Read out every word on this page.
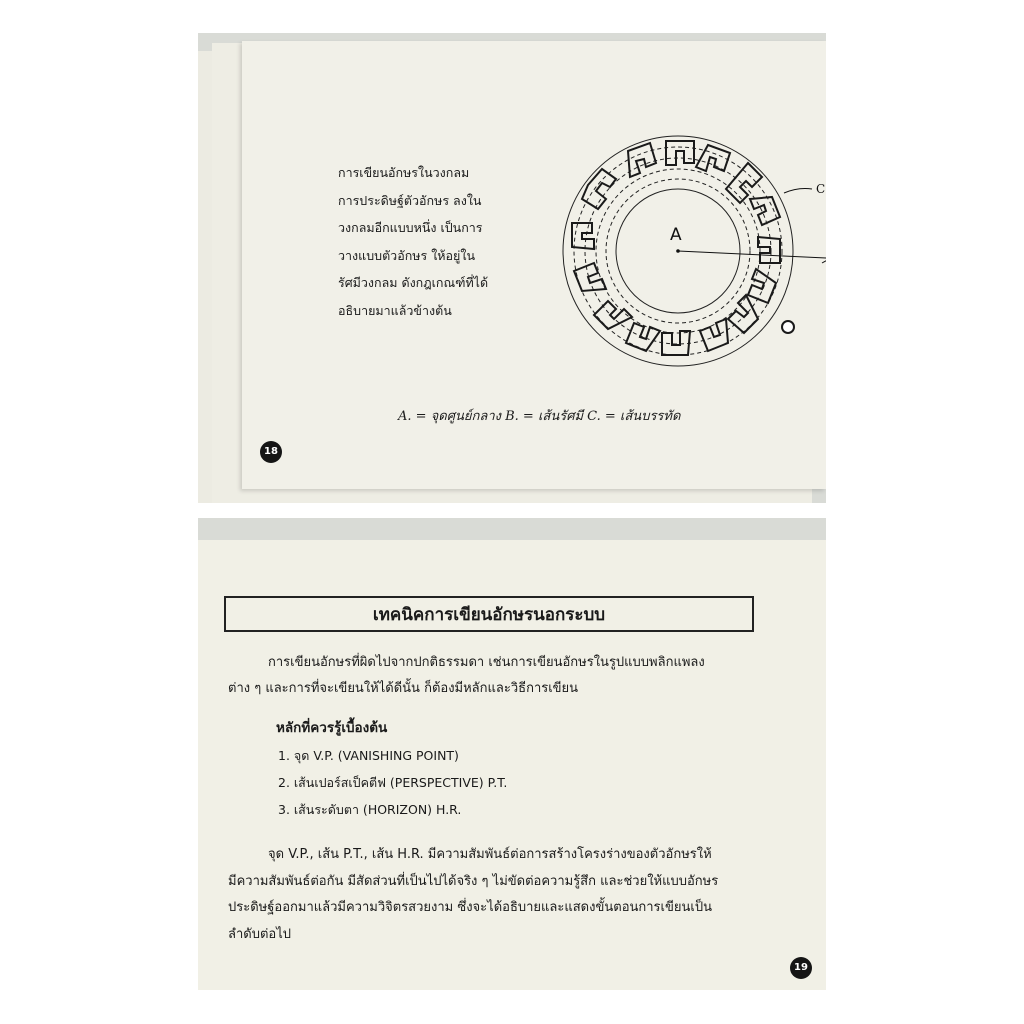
การเขียนอักษรในวงกลม
การประดิษฐ์ตัวอักษร ลงใน
วงกลมอีกแบบหนึ่ง เป็นการ
วางแบบตัวอักษร ให้อยู่ใน
รัศมีวงกลม ดังกฎเกณฑ์ที่ได้
อธิบายมาแล้วข้างต้น
A
B
C
A. = จุดศูนย์กลาง B. = เส้นรัศมี C. = เส้นบรรทัด
18
เทคนิคการเขียนอักษรนอกระบบ
การเขียนอักษรที่ผิดไปจากปกติธรรมดา เช่นการเขียนอักษรในรูปแบบพลิกแพลง
ต่าง ๆ และการที่จะเขียนให้ได้ดีนั้น ก็ต้องมีหลักและวิธีการเขียน
หลักที่ควรรู้เบื้องต้น
1. จุด V.P. (VANISHING POINT)
2. เส้นเปอร์สเป็คตีฟ (PERSPECTIVE) P.T.
3. เส้นระดับตา (HORIZON) H.R.
จุด V.P., เส้น P.T., เส้น H.R. มีความสัมพันธ์ต่อการสร้างโครงร่างของตัวอักษรให้
มีความสัมพันธ์ต่อกัน มีสัดส่วนที่เป็นไปได้จริง ๆ ไม่ขัดต่อความรู้สึก และช่วยให้แบบอักษร
ประดิษฐ์ออกมาแล้วมีความวิจิตรสวยงาม ซึ่งจะได้อธิบายและแสดงขั้นตอนการเขียนเป็น
ลำดับต่อไป
19
